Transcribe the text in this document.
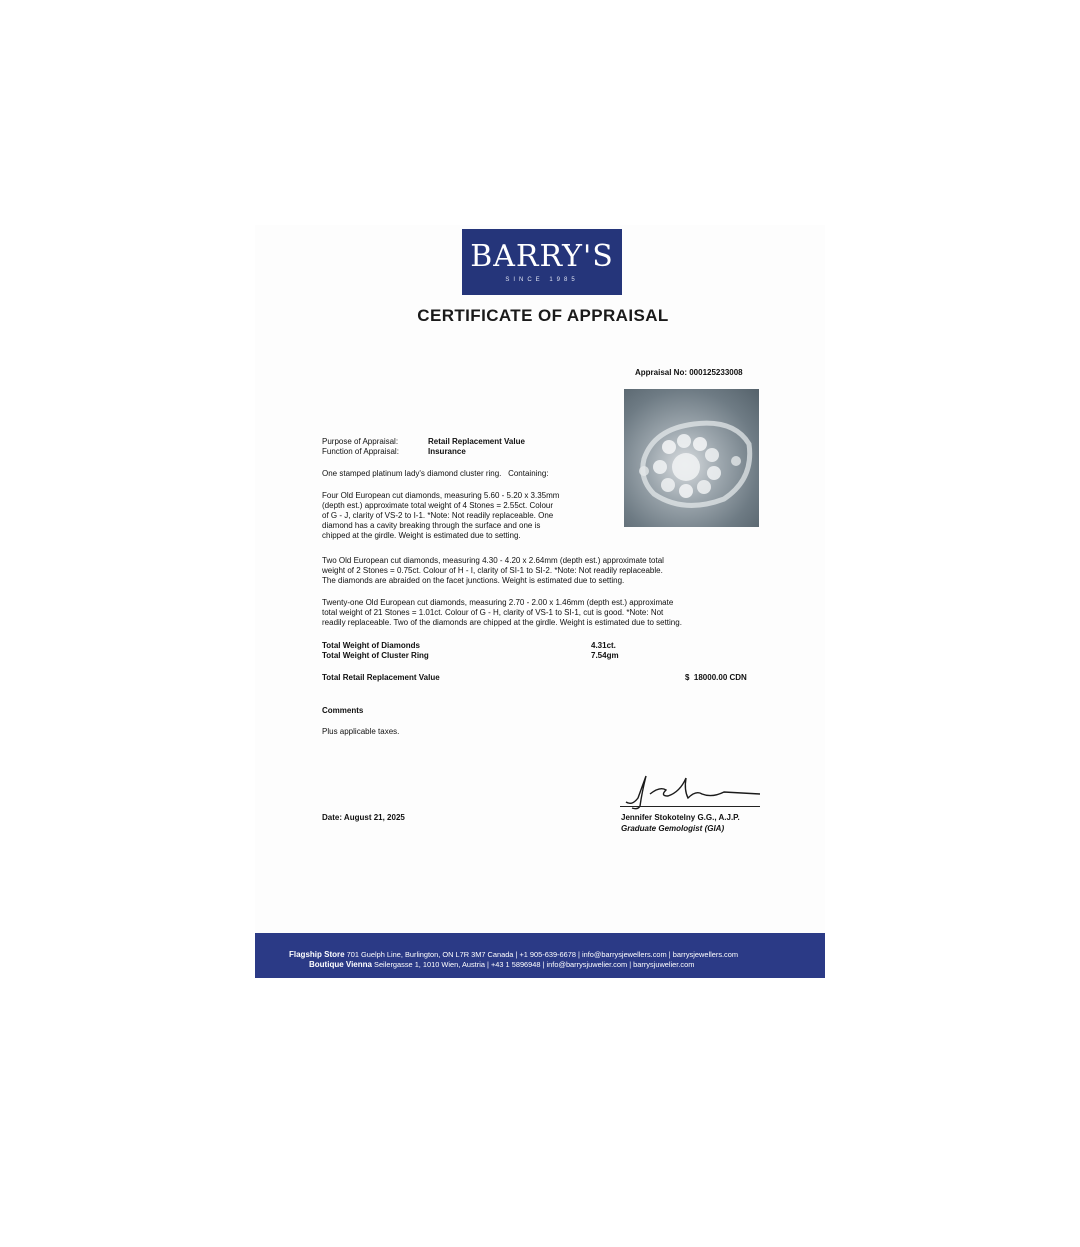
BARRY'S
SINCE 1985
CERTIFICATE OF APPRAISAL
Appraisal No: 000125233008
Purpose of Appraisal:	Retail Replacement Value
Function of Appraisal:	Insurance
One stamped platinum lady's diamond cluster ring.   Containing:
Four Old European cut diamonds, measuring 5.60 - 5.20 x 3.35mm
(depth est.) approximate total weight of 4 Stones = 2.55ct. Colour
of G - J, clarity of VS-2 to I-1. *Note: Not readily replaceable. One
diamond has a cavity breaking through the surface and one is
chipped at the girdle. Weight is estimated due to setting.
Two Old European cut diamonds, measuring 4.30 - 4.20 x 2.64mm (depth est.) approximate total
weight of 2 Stones = 0.75ct. Colour of H - I, clarity of SI-1 to SI-2. *Note: Not readily replaceable.
The diamonds are abraided on the facet junctions. Weight is estimated due to setting.
Twenty-one Old European cut diamonds, measuring 2.70 - 2.00 x 1.46mm (depth est.) approximate
total weight of 21 Stones = 1.01ct. Colour of G - H, clarity of VS-1 to SI-1, cut is good. *Note: Not
readily replaceable. Two of the diamonds are chipped at the girdle. Weight is estimated due to setting.
Total Weight of Diamonds	4.31ct.
Total Weight of Cluster Ring	7.54gm
Total Retail Replacement Value	$  18000.00 CDN
Comments
Plus applicable taxes.
Date: August 21, 2025	Jennifer Stokotelny G.G., A.J.P.
Graduate Gemologist (GIA)
Flagship Store 701 Guelph Line, Burlington, ON L7R 3M7 Canada | +1 905-639-6678 | info@barrysjewellers.com | barrysjewellers.com
Boutique Vienna Seilergasse 1, 1010 Wien, Austria | +43 1 5896948 | info@barrysjuwelier.com | barrysjuwelier.com
